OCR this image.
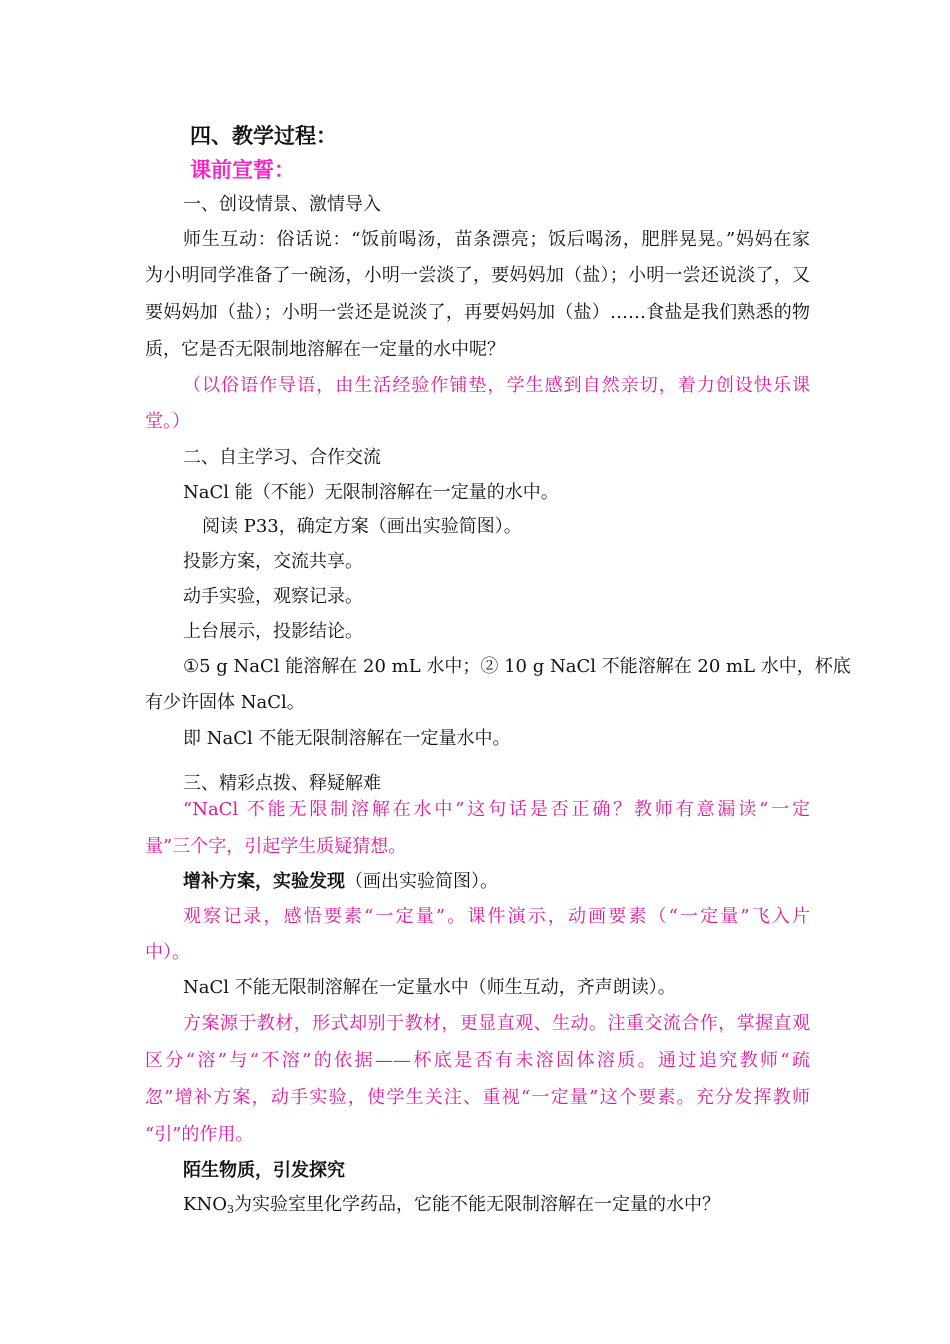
四、教学过程：
课前宣誓：
一、创设情景、激情导入
师生互动：俗话说：“饭前喝汤，苗条漂亮；饭后喝汤，肥胖晃晃。”妈妈在家
为小明同学准备了一碗汤，小明一尝淡了，要妈妈加（盐）；小明一尝还说淡了，又
要妈妈加（盐）；小明一尝还是说淡了，再要妈妈加（盐）……食盐是我们熟悉的物
质，它是否无限制地溶解在一定量的水中呢？
（以俗语作导语，由生活经验作铺垫，学生感到自然亲切，着力创设快乐课
堂。）
二、自主学习、合作交流
NaCl 能（不能）无限制溶解在一定量的水中。
阅读 P33，确定方案（画出实验简图）。
投影方案，交流共享。
动手实验，观察记录。
上台展示，投影结论。
①5 g NaCl 能溶解在 20 mL 水中；② 10 g NaCl 不能溶解在 20 mL 水中，杯底
有少许固体 NaCl。
即 NaCl 不能无限制溶解在一定量水中。
三、精彩点拨、释疑解难
“NaCl 不能无限制溶解在水中”这句话是否正确？教师有意漏读“一定
量”三个字，引起学生质疑猜想。
增补方案，实验发现（画出实验简图）。
观察记录，感悟要素“一定量”。课件演示，动画要素（“一定量”飞入片
中）。
NaCl 不能无限制溶解在一定量水中（师生互动，齐声朗读）。
方案源于教材，形式却别于教材，更显直观、生动。注重交流合作，掌握直观
区分“溶”与“不溶”的依据——杯底是否有未溶固体溶质。通过追究教师“疏
忽”增补方案，动手实验，使学生关注、重视“一定量”这个要素。充分发挥教师
“引”的作用。
陌生物质，引发探究
$KNO_3$为实验室里化学药品，它能不能无限制溶解在一定量的水中？
